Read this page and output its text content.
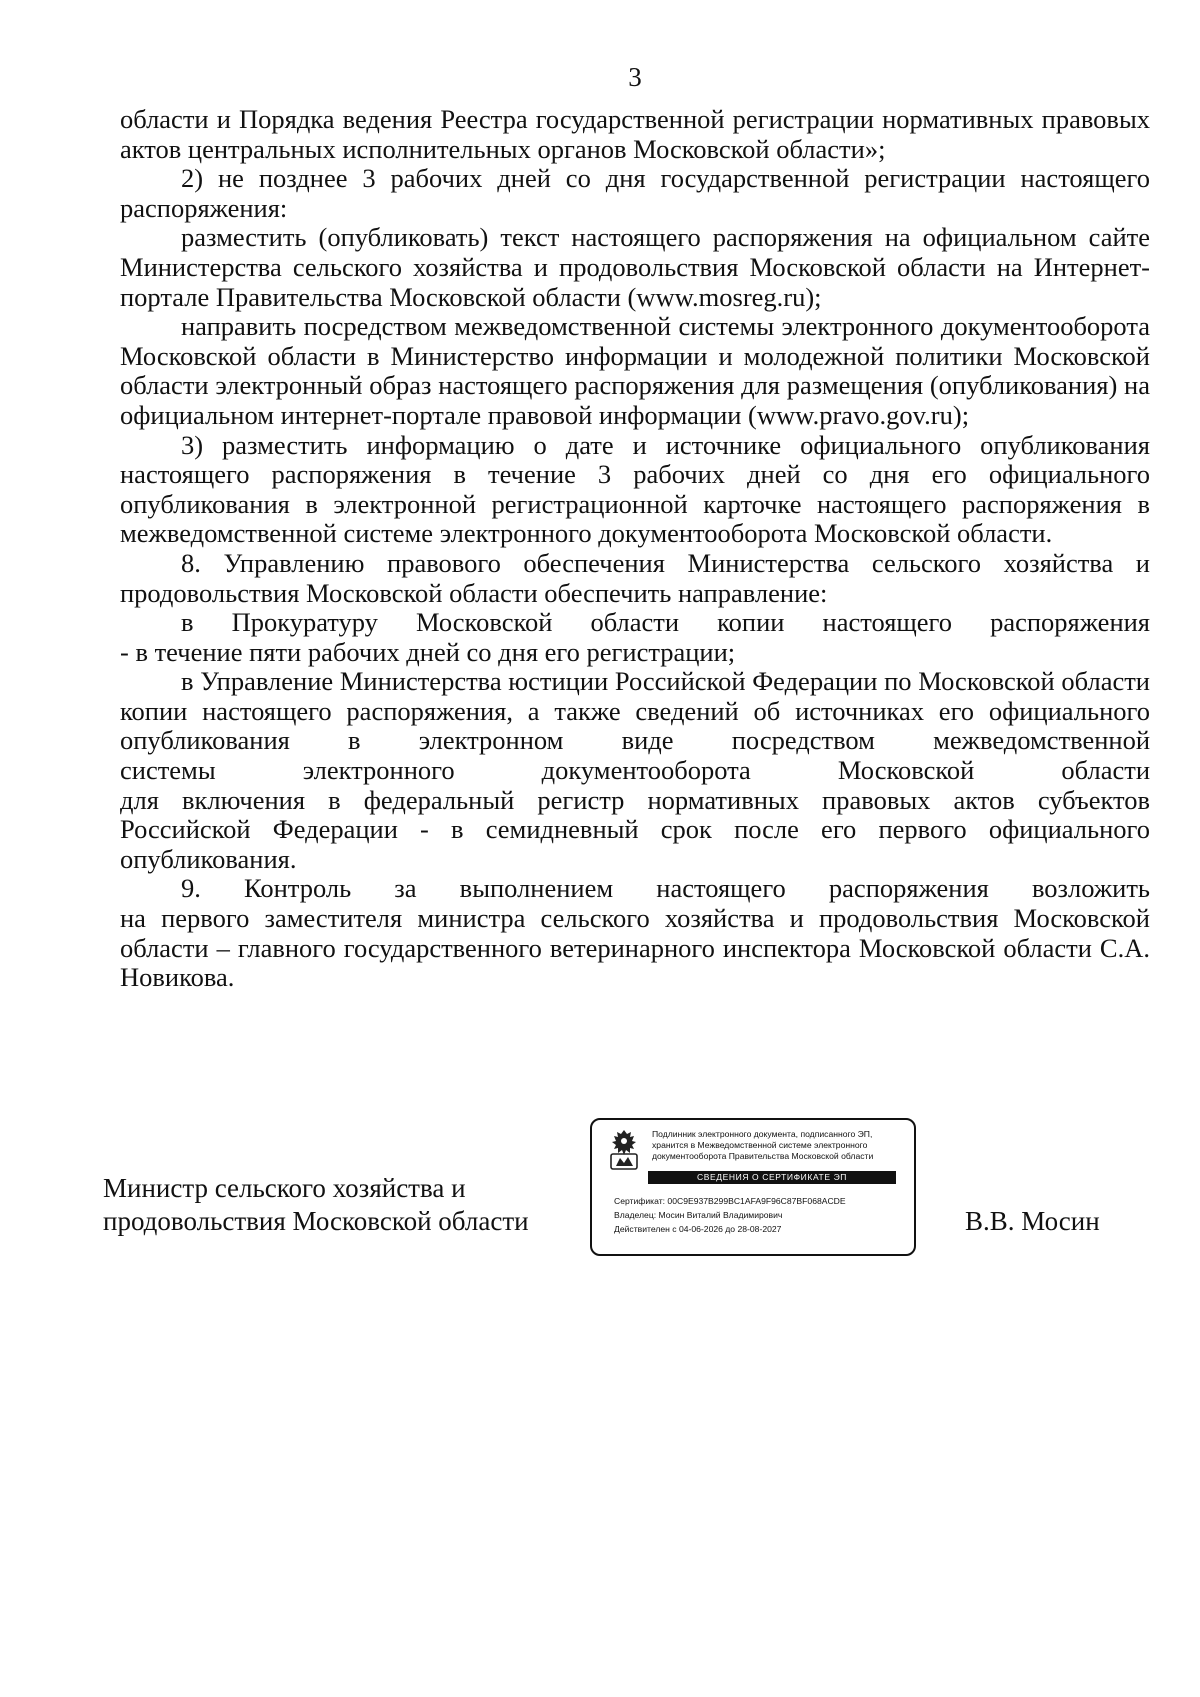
3

области и Порядка ведения Реестра государственной регистрации нормативных правовых актов центральных исполнительных органов Московской области»;

2) не позднее 3 рабочих дней со дня государственной регистрации настоящего распоряжения:

разместить (опубликовать) текст настоящего распоряжения на официальном сайте Министерства сельского хозяйства и продовольствия Московской области на Интернет-портале Правительства Московской области (www.mosreg.ru);

направить посредством межведомственной системы электронного документооборота Московской области в Министерство информации и молодежной политики Московской области электронный образ настоящего распоряжения для размещения (опубликования) на официальном интернет-портале правовой информации (www.pravo.gov.ru);

3) разместить информацию о дате и источнике официального опубликования настоящего распоряжения в течение 3 рабочих дней со дня его официального опубликования в электронной регистрационной карточке настоящего распоряжения в межведомственной системе электронного документооборота Московской области.

8. Управлению правового обеспечения Министерства сельского хозяйства и продовольствия Московской области обеспечить направление:

в Прокуратуру Московской области копии настоящего распоряжения

- в течение пяти рабочих дней со дня его регистрации;

в Управление Министерства юстиции Российской Федерации по Московской области копии настоящего распоряжения, а также сведений об источниках его официального опубликования в электронном виде посредством межведомственной

системы электронного документооборота Московской области

для включения в федеральный регистр нормативных правовых актов субъектов Российской Федерации - в семидневный срок после его первого официального опубликования.

9. Контроль за выполнением настоящего распоряжения возложить

на первого заместителя министра сельского хозяйства и продовольствия Московской области – главного государственного ветеринарного инспектора Московской области С.А. Новикова.

Министр сельского хозяйства и
продовольствия Московской области
Подлинник электронного документа, подписанного ЭП,
хранится в Межведомственной системе электронного
документооборота Правительства Московской области
СВЕДЕНИЯ О СЕРТИФИКАТЕ ЭП
Сертификат: 00C9E937B299BC1AFA9F96C87BF068ACDE
Владелец: Мосин Виталий Владимирович
Действителен с 04-06-2026 до 28-08-2027	В.В. Мосин
